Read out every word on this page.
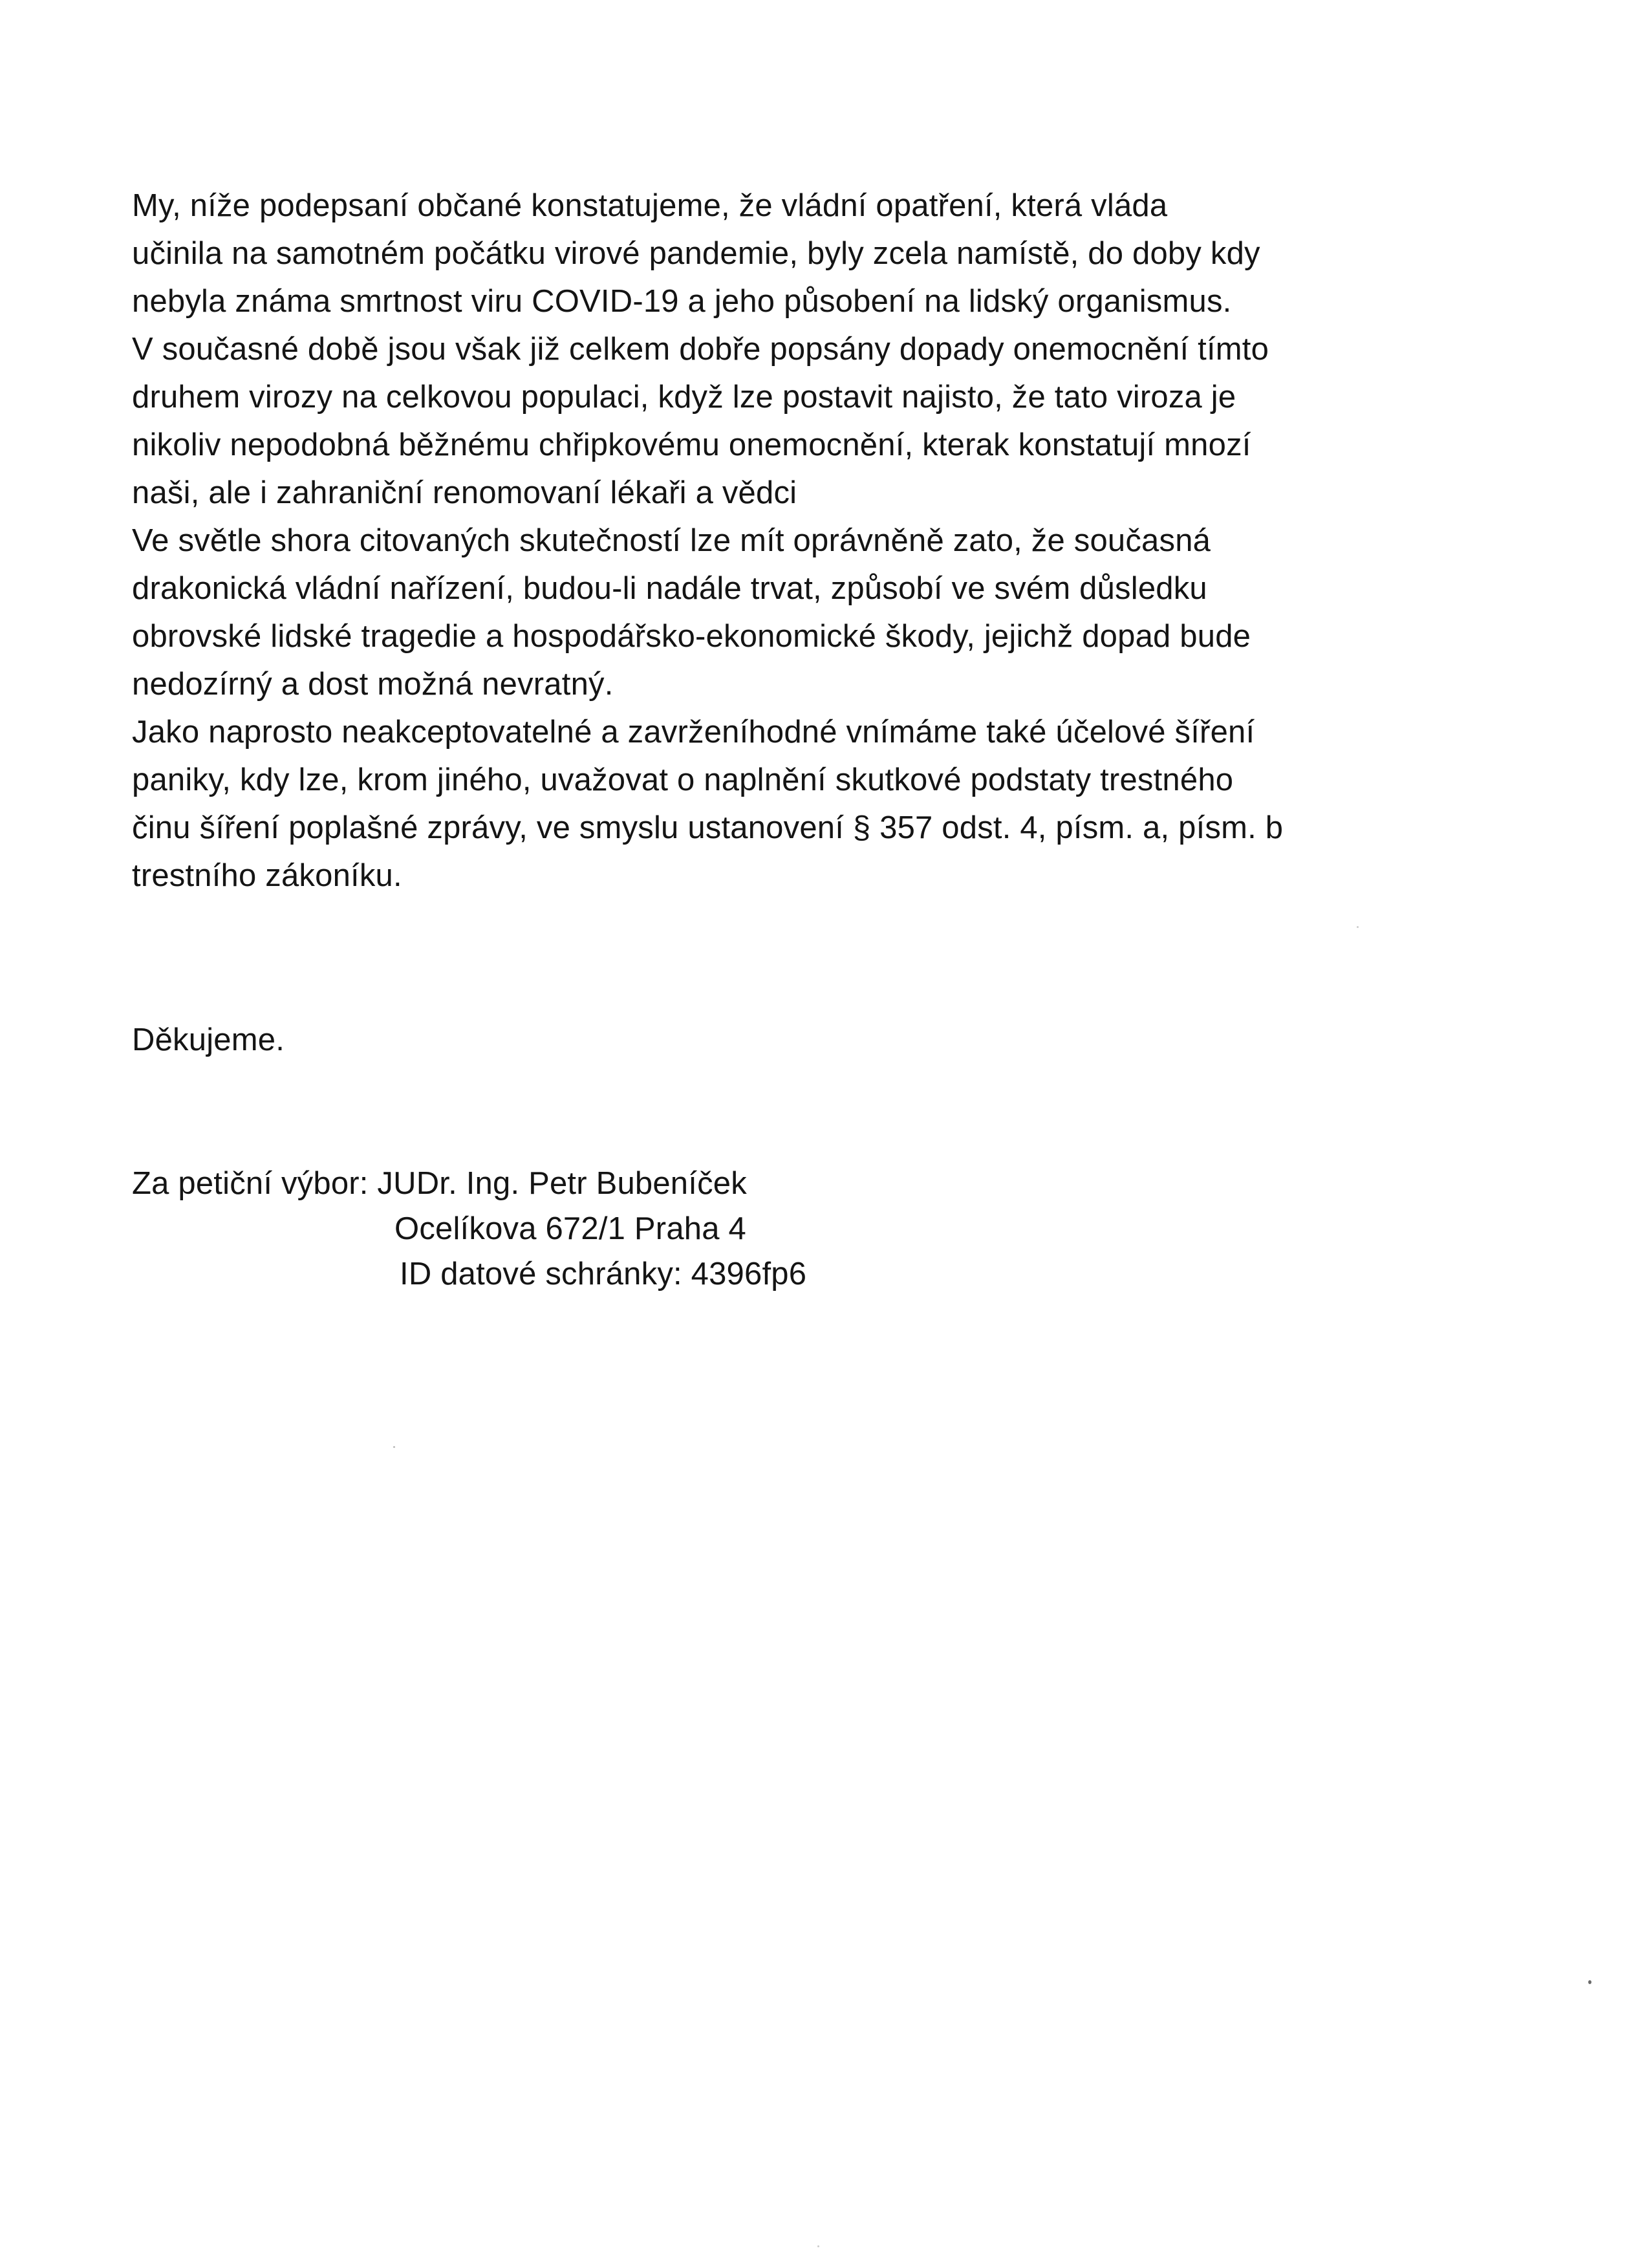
My, níže podepsaní občané konstatujeme, že vládní opatření, která vláda
učinila na samotném počátku virové pandemie, byly zcela namístě, do doby kdy
nebyla známa smrtnost viru COVID-19 a jeho působení na lidský organismus.
V současné době jsou však již celkem dobře popsány dopady onemocnění tímto
druhem virozy na celkovou populaci, když lze postavit najisto, že tato viroza je
nikoliv nepodobná běžnému chřipkovému onemocnění, kterak konstatují mnozí
naši, ale i zahraniční renomovaní lékaři a vědci
Ve světle shora citovaných skutečností lze mít oprávněně zato, že současná
drakonická vládní nařízení, budou-li nadále trvat, způsobí ve svém důsledku
obrovské lidské tragedie a hospodářsko-ekonomické škody, jejichž dopad bude
nedozírný a dost možná nevratný.
Jako naprosto neakceptovatelné a zavrženíhodné vnímáme také účelové šíření
paniky, kdy lze, krom jiného, uvažovat o naplnění skutkové podstaty trestného
činu šíření poplašné zprávy, ve smyslu ustanovení § 357 odst. 4, písm. a, písm. b
trestního zákoníku.
Děkujeme.
Za petiční výbor: JUDr. Ing. Petr Bubeníček
Ocelíkova 672/1 Praha 4
ID datové schránky: 4396fp6
